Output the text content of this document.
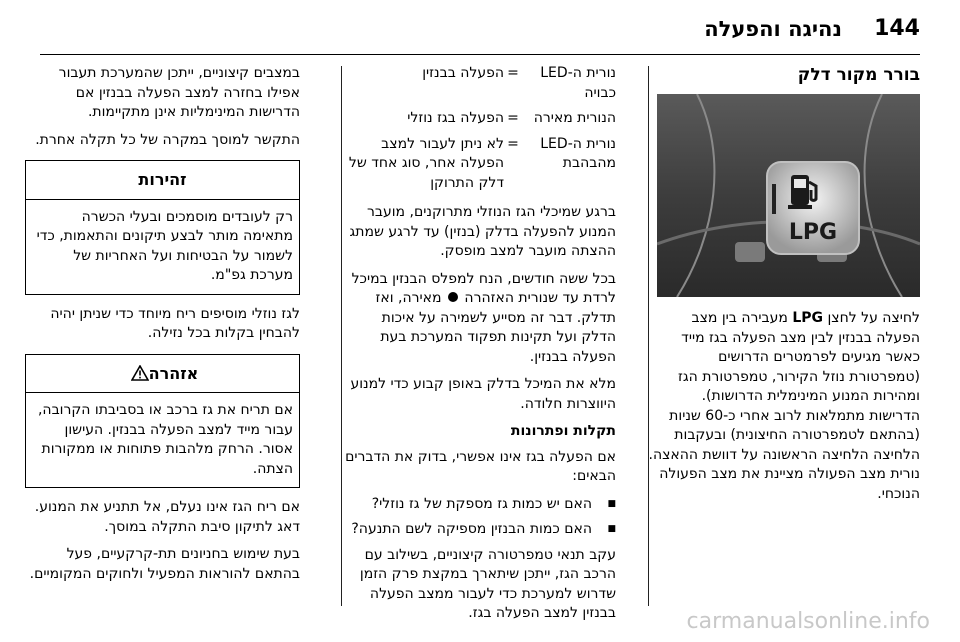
144
נהיגה והפעלה
בורר מקור דלק
LPG

לחיצה על לחצן LPG מעבירה בין מצב הפעלה בבנזין לבין מצב הפעלה בגז מייד כאשר מגיעים לפרמטרים הדרושים (טמפרטורת נוזל הקירור, טמפרטורת הגז ומהירות המנוע המינימלית הדרושות). הדרישות מתמלאות לרוב אחרי כ-60 שניות (בהתאם לטמפרטורה החיצונית) ובעקבות הלחיצה הלחיצה הראשונה על דוושת ההאצה. נורית מצב הפעולה מציינת את מצב הפעולה הנוכחי.

נורית ה-LED כבויה
=
הפעלה בבנזין
הנורית מאירה
=
הפעלה בגז נוזלי
נורית ה-LED מהבהבת
=
לא ניתן לעבור למצב הפעלה אחר, סוג אחד של דלק התרוקן

ברגע שמיכלי הגז הנוזלי מתרוקנים, מועבר המנוע להפעלה בדלק (בנזין) עד לרגע שמתג ההצתה מועבר למצב מופסק.

בכל ששה חודשים, הנח למפלס הבנזין במיכל לרדת עד שנורית האזהרה  מאירה, ואז תדלק. דבר זה מסייע לשמירה על איכות הדלק ועל תקינות תפקוד המערכת בעת הפעלה בבנזין.

מלא את המיכל בדלק באופן קבוע כדי למנוע היווצרות חלודה.

תקלות ופתרונות

אם הפעלה בגז אינו אפשרי, בדוק את הדברים הבאים:

■
האם יש כמות גז מספקת של גז נוזלי?
■
האם כמות הבנזין מספיקה לשם התנעה?

עקב תנאי טמפרטורה קיצוניים, בשילוב עם הרכב הגז, ייתכן שיתארך במקצת פרק הזמן שדרוש למערכת כדי לעבור ממצב הפעלה בבנזין למצב הפעלה בגז.

במצבים קיצוניים, ייתכן שהמערכת תעבור אפילו בחזרה למצב הפעלה בבנזין אם הדרישות המינימליות אינן מתקיימות.

התקשר למוסך במקרה של כל תקלה אחרת.

זהירות
רק לעובדים מוסמכים ובעלי הכשרה מתאימה מותר לבצע תיקונים והתאמות, כדי לשמור על הבטיחות ועל האחריות של מערכת גפ"מ.

לגז נוזלי מוסיפים ריח מיוחד כדי שניתן יהיה להבחין בקלות בכל נזילה.

אזהרה
אם תריח את גז ברכב או בסביבתו הקרובה, עבור מייד למצב הפעלה בבנזין. העישון אסור. הרחק מלהבות פתוחות או ממקורות הצתה.

אם ריח הגז אינו נעלם, אל תתניע את המנוע. דאג לתיקון סיבת התקלה במוסך.

בעת שימוש בחניונים תת-קרקעיים, פעל בהתאם להוראות המפעיל ולחוקים המקומיים.

carmanualsonline.info
